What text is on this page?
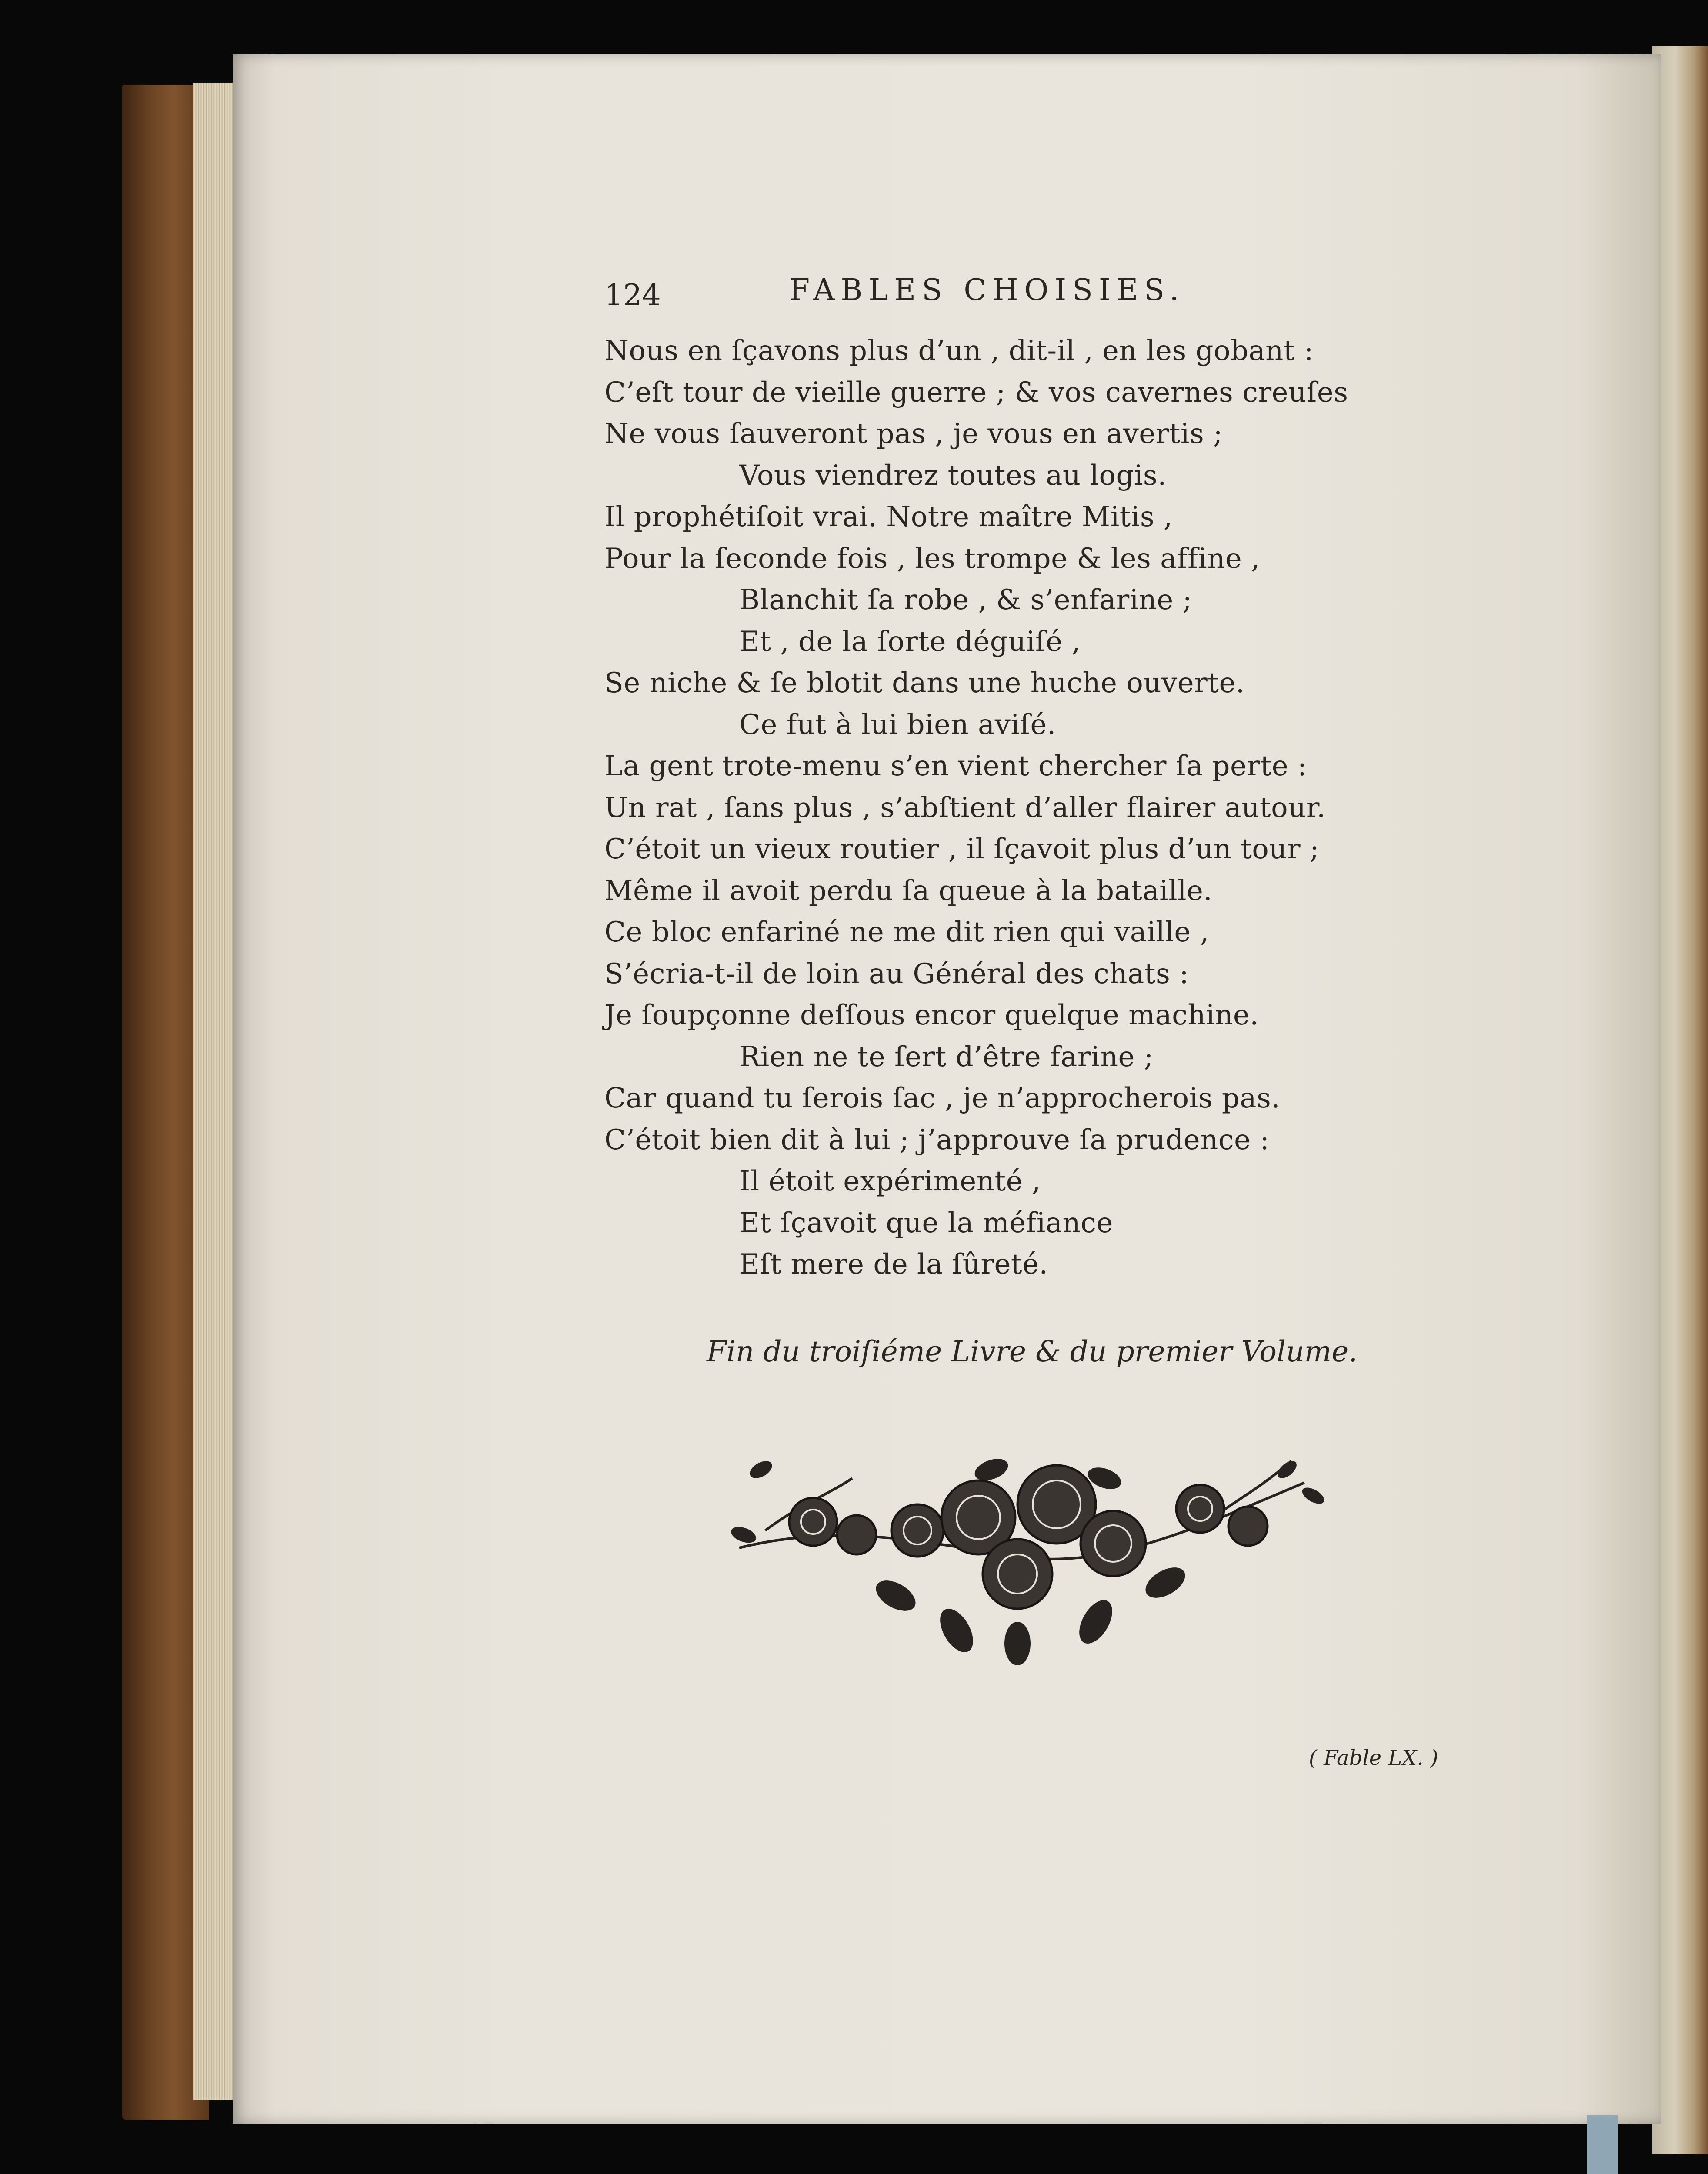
124	FABLES CHOISIES.
Nous en ſçavons plus d’un , dit-il , en les gobant :
C’eſt tour de vieille guerre ; & vos cavernes creuſes
Ne vous ſauveront pas , je vous en avertis ;
Vous viendrez toutes au logis.
Il prophétiſoit vrai. Notre maître Mitis ,
Pour la ſeconde fois , les trompe & les affine ,
Blanchit ſa robe , & s’enfarine ;
Et , de la ſorte déguiſé ,
Se niche & ſe blotit dans une huche ouverte.
Ce fut à lui bien aviſé.
La gent trote-menu s’en vient chercher ſa perte :
Un rat , ſans plus , s’abſtient d’aller flairer autour.
C’étoit un vieux routier , il ſçavoit plus d’un tour ;
Même il avoit perdu ſa queue à la bataille.
Ce bloc enfariné ne me dit rien qui vaille ,
S’écria-t-il de loin au Général des chats :
Je ſoupçonne deſſous encor quelque machine.
Rien ne te ſert d’être farine ;
Car quand tu ſerois ſac , je n’approcherois pas.
C’étoit bien dit à lui ; j’approuve ſa prudence :
Il étoit expérimenté ,
Et ſçavoit que la méfiance
Eſt mere de la ſûreté.
Fin du troiſiéme Livre & du premier Volume.
( Fable LX. )
